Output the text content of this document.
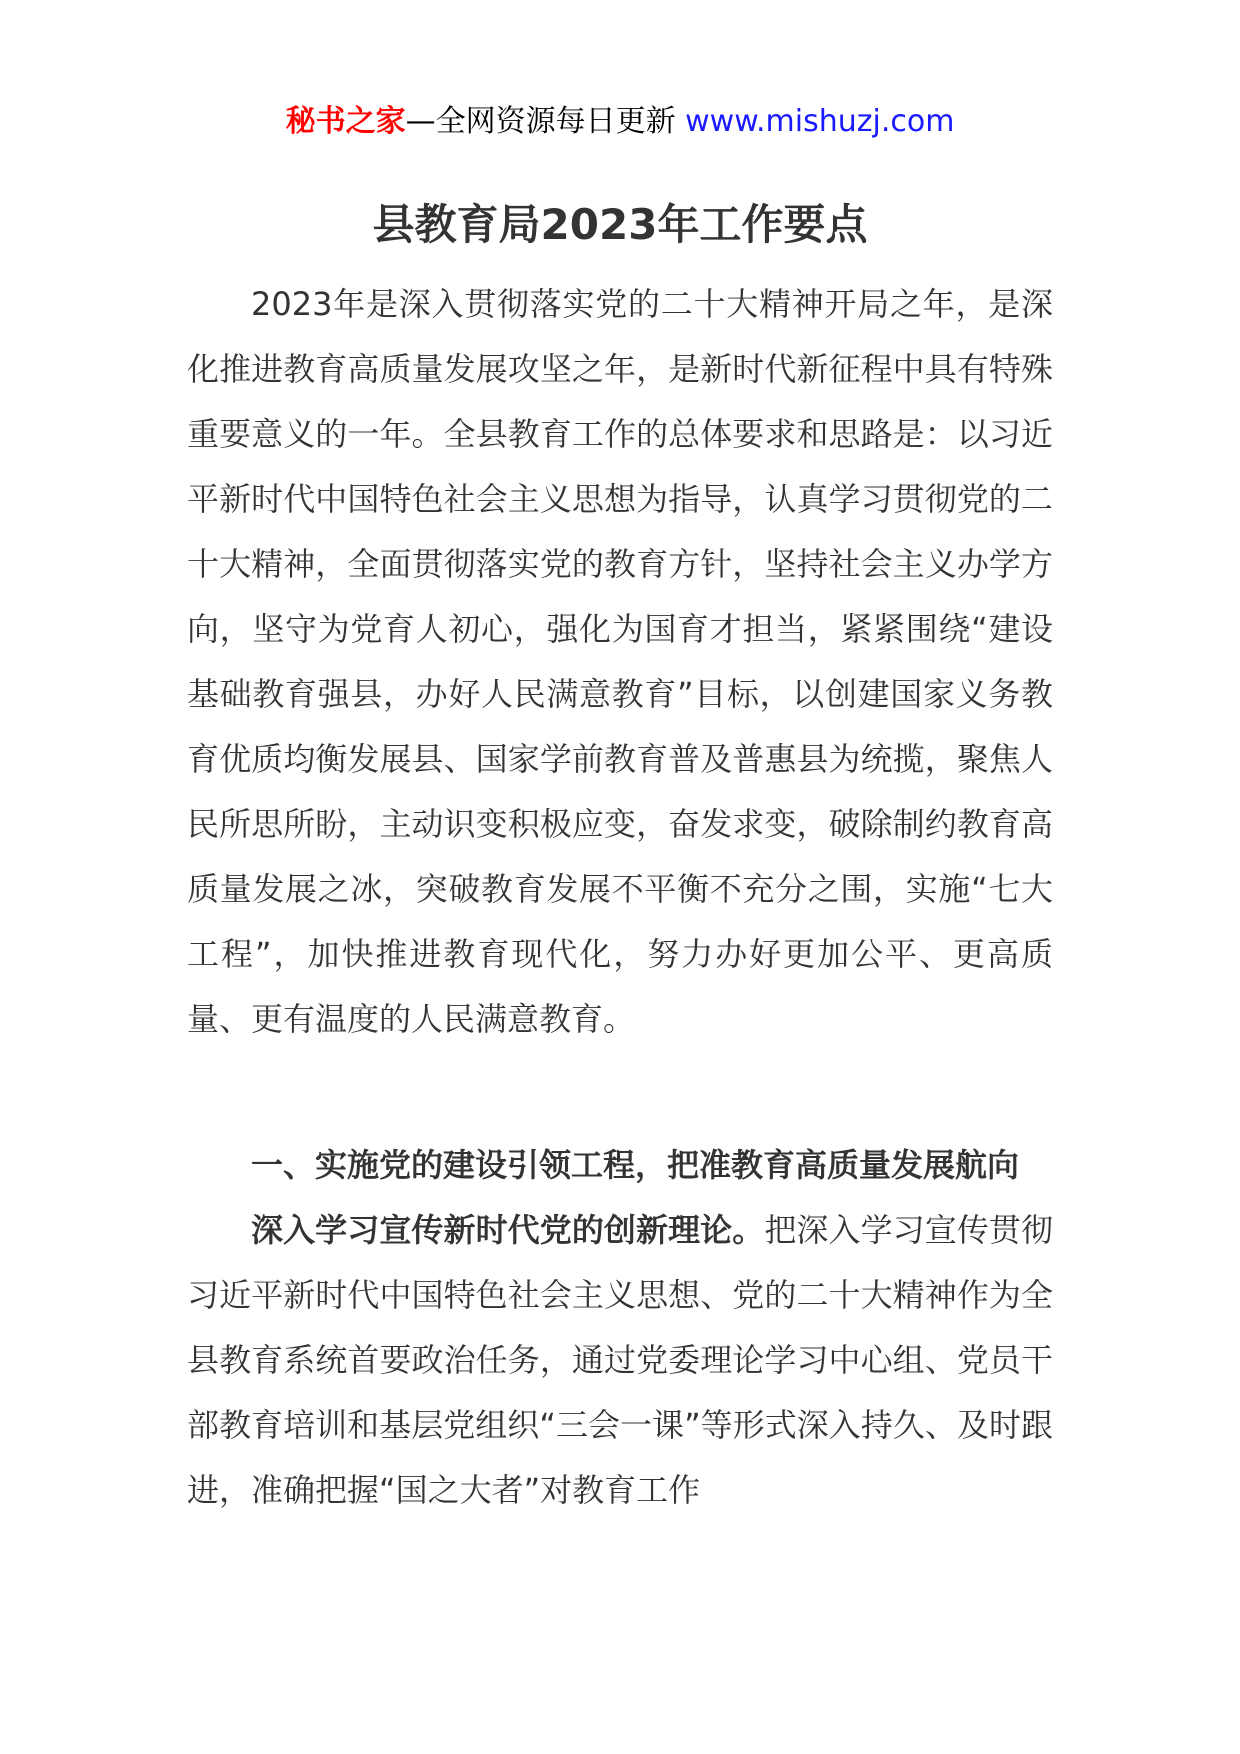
秘书之家—全网资源每日更新 www.mishuzj.com
县教育局2023年工作要点

2023年是深入贯彻落实党的二十大精神开局之年，是深化推进教育高质量发展攻坚之年，是新时代新征程中具有特殊重要意义的一年。全县教育工作的总体要求和思路是：以习近平新时代中国特色社会主义思想为指导，认真学习贯彻党的二十大精神，全面贯彻落实党的教育方针，坚持社会主义办学方向，坚守为党育人初心，强化为国育才担当，紧紧围绕“建设基础教育强县，办好人民满意教育”目标，以创建国家义务教育优质均衡发展县、国家学前教育普及普惠县为统揽，聚焦人民所思所盼，主动识变积极应变，奋发求变，破除制约教育高质量发展之冰，突破教育发展不平衡不充分之围，实施“七大工程”，加快推进教育现代化，努力办好更加公平、更高质量、更有温度的人民满意教育。

一、实施党的建设引领工程，把准教育高质量发展航向

深入学习宣传新时代党的创新理论。把深入学习宣传贯彻习近平新时代中国特色社会主义思想、党的二十大精神作为全县教育系统首要政治任务，通过党委理论学习中心组、党员干部教育培训和基层党组织“三会一课”等形式深入持久、及时跟进，准确把握“国之大者”对教育工作
